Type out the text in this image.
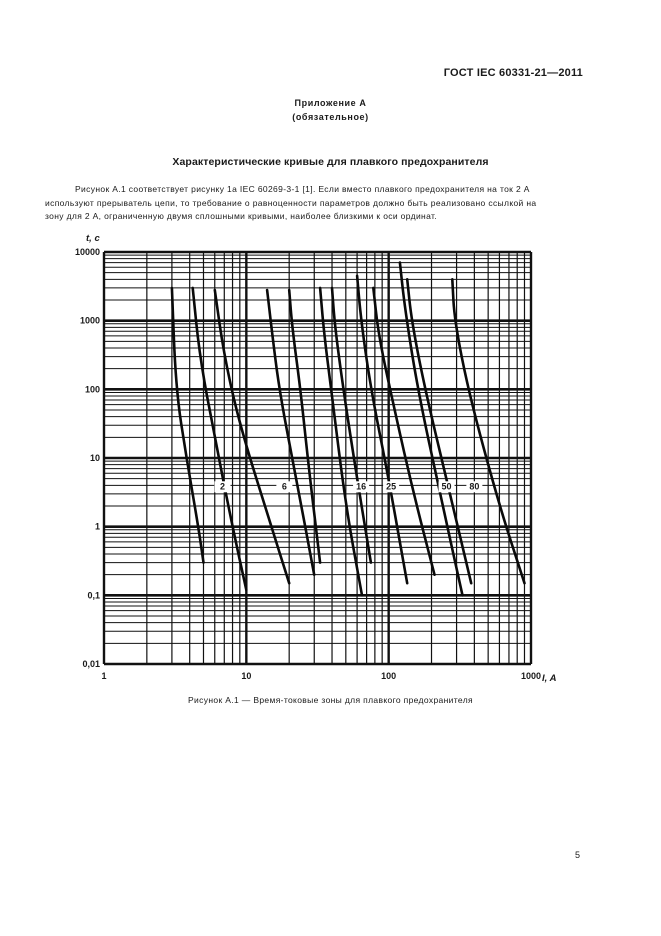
ГОСТ IEC 60331-21—2011
Приложение А
(обязательное)
Характеристические кривые для плавкого предохранителя

Рисунок А.1 соответствует рисунку 1а IEC 60269-3-1 [1]. Если вместо плавкого предохранителя на ток 2 А
используют прерыватель цепи, то требование о равноценности параметров должно быть реализовано ссылкой на
зону для 2 А, ограниченную двумя сплошными кривыми, наиболее близкими к оси ординат.

1	10	100	1000
0,01
0,1
1
10
100
1000
10000
2	6	16 25	50 80
t, c
I, A
Рисунок А.1 — Время-токовые зоны для плавкого предохранителя
5
